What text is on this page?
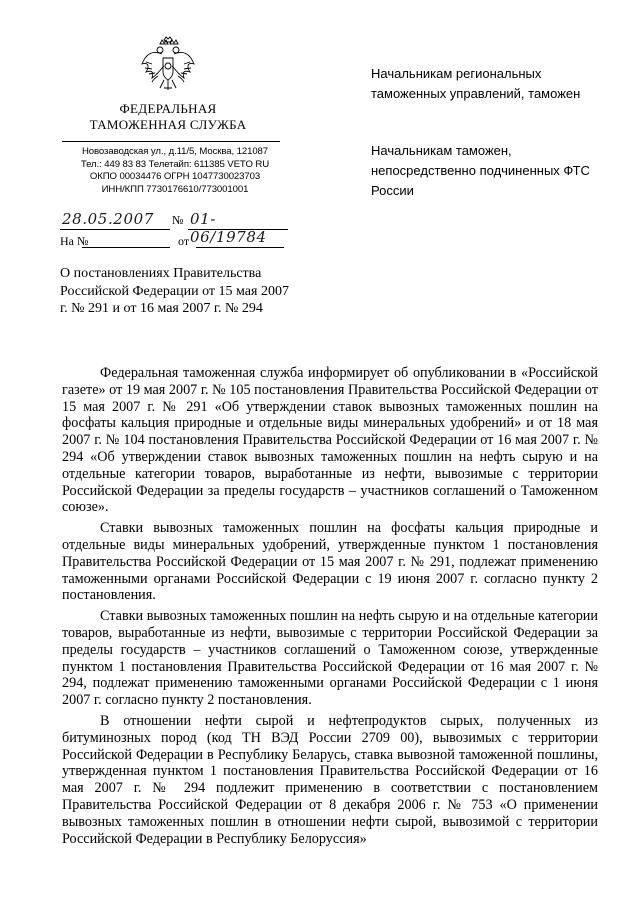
ФЕДЕРАЛЬНАЯ
ТАМОЖЕННАЯ СЛУЖБА
Новозаводская ул., д.11/5, Москва, 121087
Тел.: 449 83 83 Телетайп: 611385 VETO RU
ОКПО 00034476 ОГРН 1047730023703
ИНН/КПП 7730176610/773001001
28.05.2007 № 01-06/19784
На №	от
О постановлениях Правительства Российской Федерации от 15 мая 2007 г. № 291 и от 16 мая 2007 г. № 294
Начальникам региональных таможенных управлений, таможен
Начальникам таможен, непосредственно подчиненных ФТС России

Федеральная таможенная служба информирует об опубликовании в «Российской газете» от 19 мая 2007 г. № 105 постановления Правительства Российской Федерации от 15 мая 2007 г. № 291 «Об утверждении ставок вывозных таможенных пошлин на фосфаты кальция природные и отдельные виды минеральных удобрений» и от 18 мая 2007 г. № 104 постановления Правительства Российской Федерации от 16 мая 2007 г. № 294 «Об утверждении ставок вывозных таможенных пошлин на нефть сырую и на отдельные категории товаров, выработанные из нефти, вывозимые с территории Российской Федерации за пределы государств – участников соглашений о Таможенном союзе».

Ставки вывозных таможенных пошлин на фосфаты кальция природные и отдельные виды минеральных удобрений, утвержденные пунктом 1 постановления Правительства Российской Федерации от 15 мая 2007 г. № 291, подлежат применению таможенными органами Российской Федерации с 19 июня 2007 г. согласно пункту 2 постановления.

Ставки вывозных таможенных пошлин на нефть сырую и на отдельные категории товаров, выработанные из нефти, вывозимые с территории Российской Федерации за пределы государств – участников соглашений о Таможенном союзе, утвержденные пунктом 1 постановления Правительства Российской Федерации от 16 мая 2007 г. № 294, подлежат применению таможенными органами Российской Федерации с 1 июня 2007 г. согласно пункту 2 постановления.

В отношении нефти сырой и нефтепродуктов сырых, полученных из битуминозных пород (код ТН ВЭД России 2709 00), вывозимых с территории Российской Федерации в Республику Беларусь, ставка вывозной таможенной пошлины, утвержденная пунктом 1 постановления Правительства Российской Федерации от 16 мая 2007 г. № 294 подлежит применению в соответствии с постановлением Правительства Российской Федерации от 8 декабря 2006 г. № 753 «О применении вывозных таможенных пошлин в отношении нефти сырой, вывозимой с территории Российской Федерации в Республику Белоруссия»
